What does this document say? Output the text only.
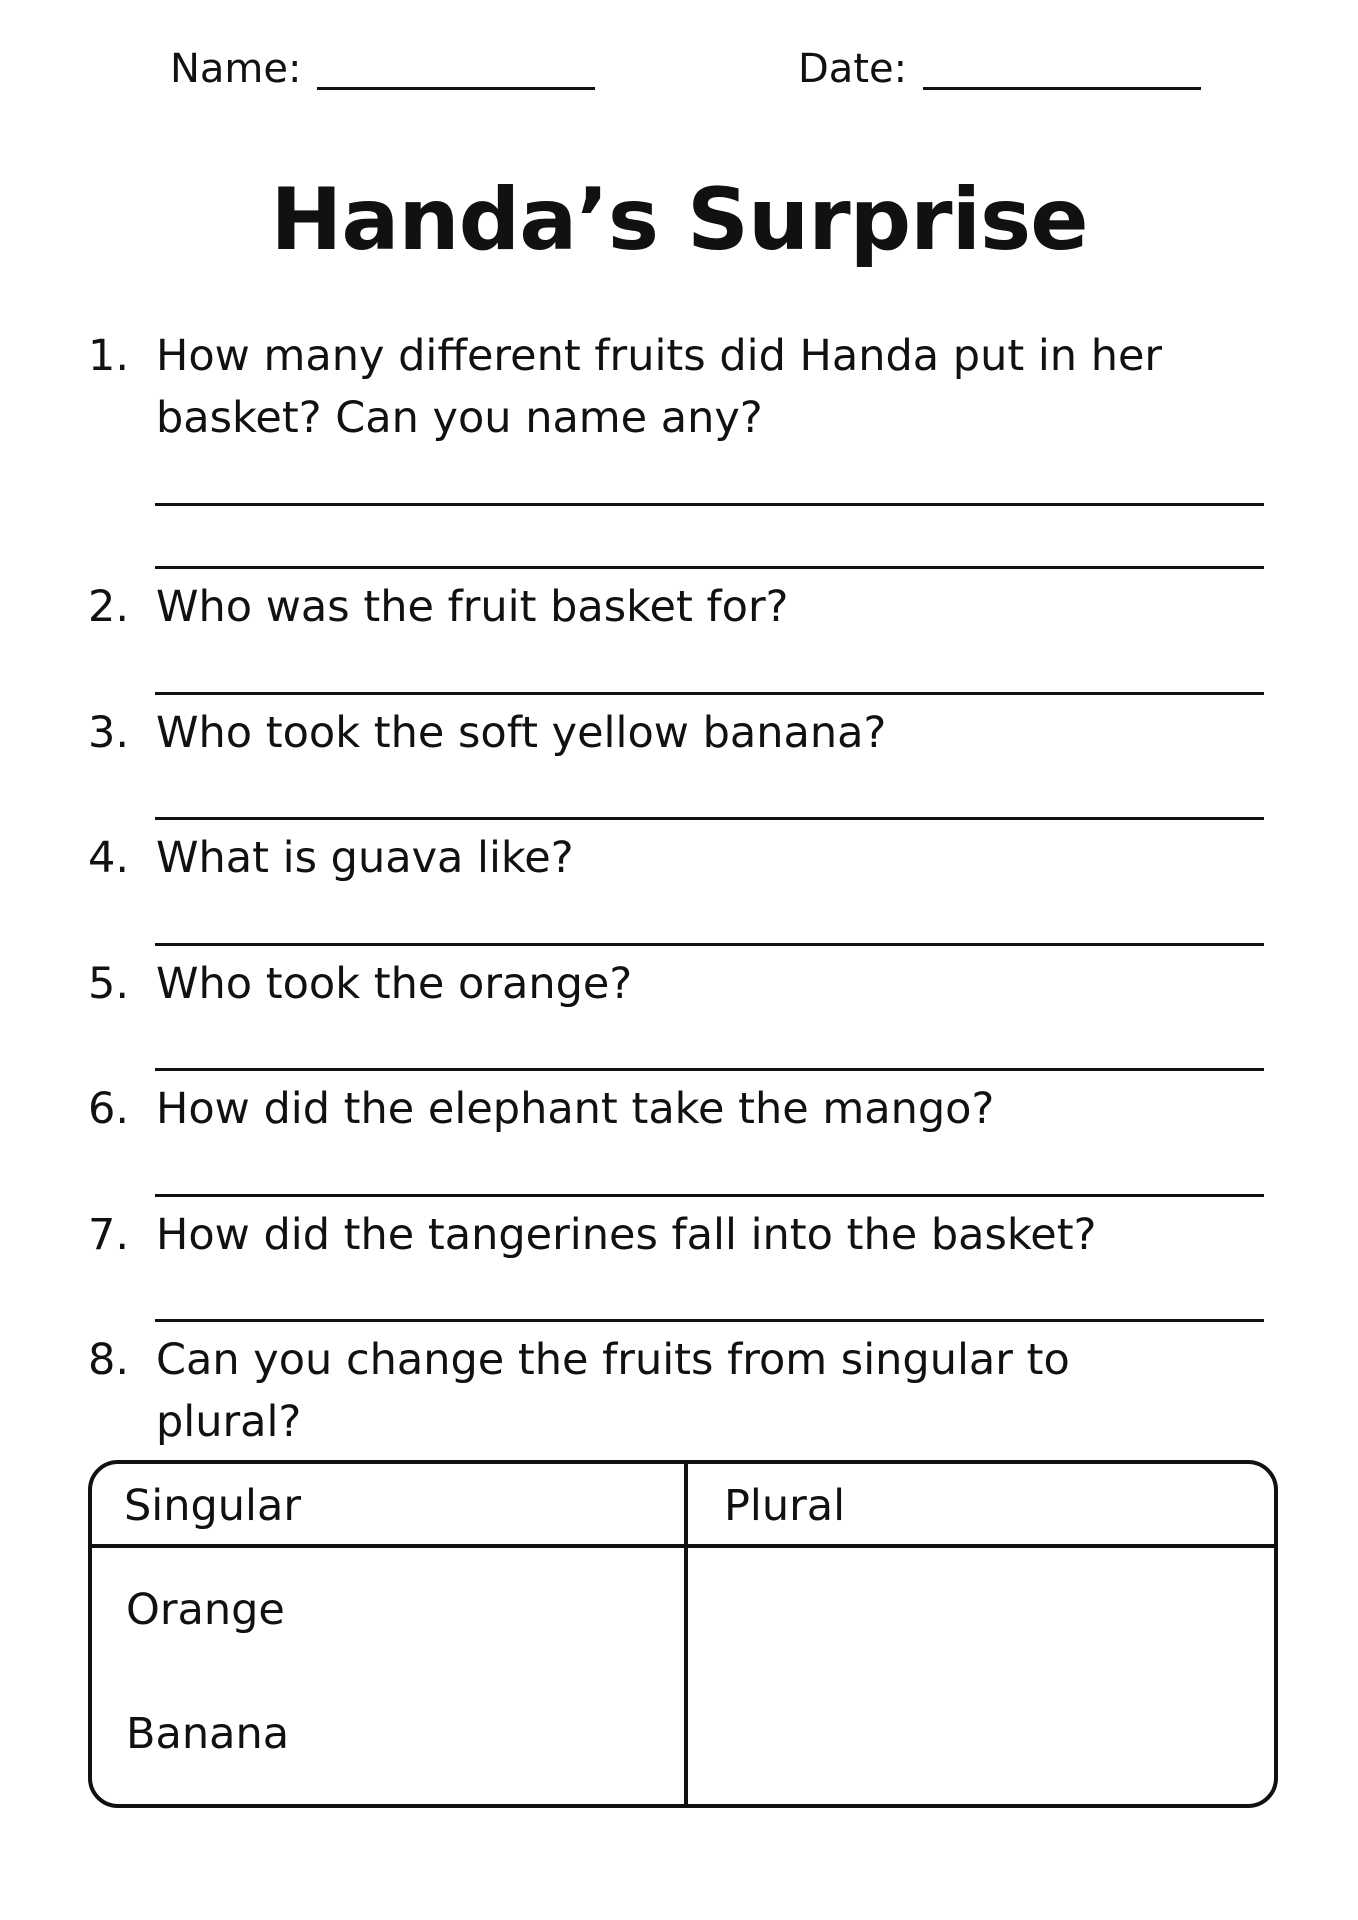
Name:	Date:
Handa’s Surprise
1. How many different fruits did Handa put in her basket? Can you name any?
2. Who was the fruit basket for?
3. Who took the soft yellow banana?
4. What is guava like?
5. Who took the orange?
6. How did the elephant take the mango?
7. How did the tangerines fall into the basket?
8. Can you change the fruits from singular to plural?
Singular	Plural
Orange
Banana
